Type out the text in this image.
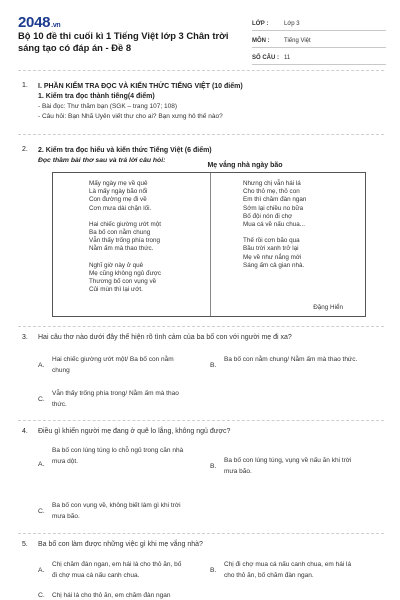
2048.vn
Bộ 10 đề thi cuối kì 1 Tiếng Việt lớp 3 Chân trời sáng tạo có đáp án - Đề 8
LỚP :	Lớp 3
MÔN :	Tiếng Việt
SỐ CÂU : 11
1. I. PHẦN KIỂM TRA ĐỌC VÀ KIẾN THỨC TIẾNG VIỆT (10 điểm)
1. Kiểm tra đọc thành tiếng(4 điểm)
- Bài đọc: Thư thăm bạn (SGK – trang 107; 108)
- Câu hỏi: Bạn Nhã Uyên viết thư cho ai? Bạn xưng hô thế nào?
2. 2. Kiểm tra đọc hiểu và kiến thức Tiếng Việt (6 điểm)
Đọc thầm bài thơ sau và trả lời câu hỏi:
Mẹ vắng nhà ngày bão
Mấy ngày mẹ về quê
Là mấy ngày bão nổi
Con đường mẹ đi về
Cơn mưa dài chặn lối.
Hai chiếc giường ướt một
Ba bố con nằm chung
Vẫn thấy trống phía trong
Nằm ấm mà thao thức.
Nghĩ giờ này ở quê
Mẹ cũng không ngủ được
Thương bố con vụng về
Củi mùn thì lại ướt.
Nhưng chị vẫn hái lá
Cho thỏ mẹ, thỏ con
Em thì chăm đàn ngan
Sớm lại chiều no bữa
Bố đội nón đi chợ
Mua cá về nấu chua...
Thế rồi cơn bão qua
Bầu trời xanh trở lại
Mẹ về như nắng mới
Sáng ấm cả gian nhà.
Đặng Hiển
3. Hai câu thơ nào dưới đây thể hiện rõ tình cảm của ba bố con với người mẹ đi xa?
A.
Hai chiếc giường ướt một/ Ba bố con nằm chung
B.
Ba bố con nằm chung/ Nằm ấm mà thao thức.
C.
Vẫn thấy trống phía trong/ Nằm ấm mà thao thức.
4. Điều gì khiến người mẹ đang ở quê lo lắng, không ngủ được?
A.
Ba bố con lúng túng lo chỗ ngủ trong căn nhà mưa dột.
B.
Ba bố con lúng túng, vụng về nấu ăn khi trời mưa bão.
C.
Ba bố con vụng về, không biết làm gì khi trời mưa bão.
5. Ba bố con làm được những việc gì khi mẹ vắng nhà?
A.
Chị chăm đàn ngan, em hái lá cho thỏ ăn, bố đi chợ mua cá nấu canh chua.
B.
Chị đi chợ mua cá nấu canh chua, em hái lá cho thỏ ăn, bố chăm đàn ngan.
C. Chị hái lá cho thỏ ăn, em chăm đàn ngan
